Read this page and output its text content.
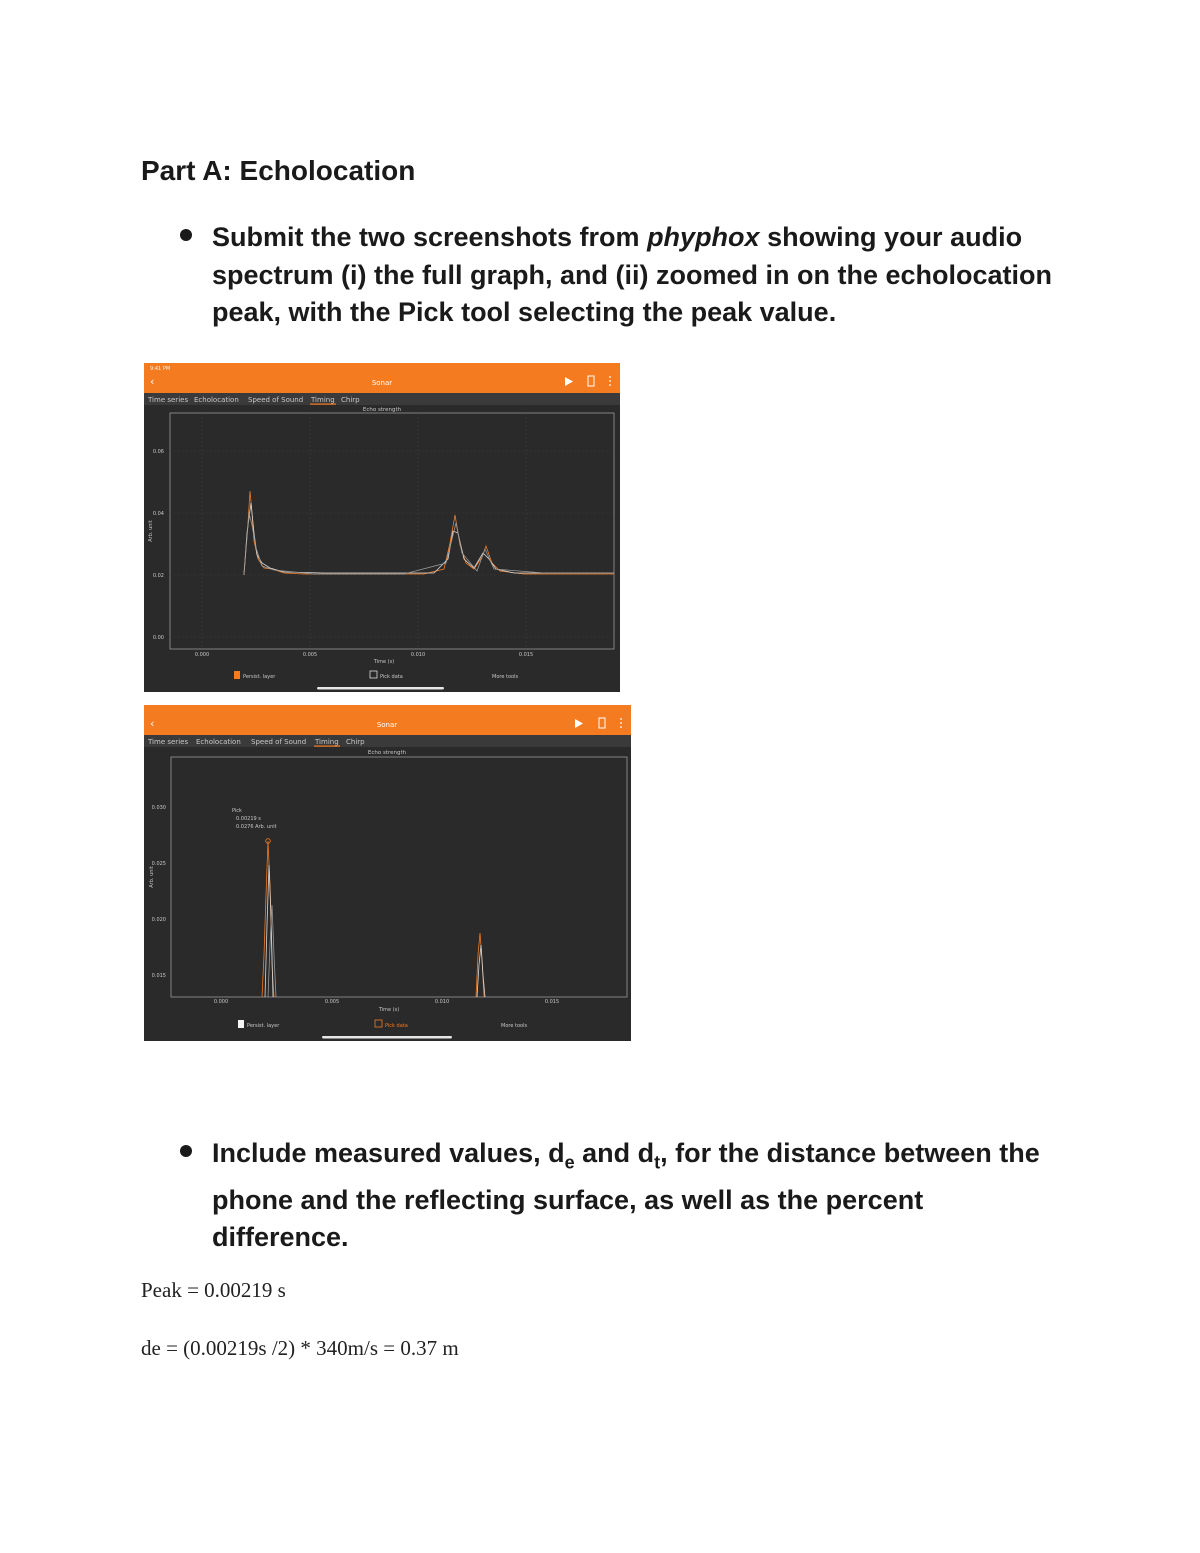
Part A: Echolocation
Submit the two screenshots from phyphox showing your audio spectrum (i) the full graph, and (ii) zoomed in on the echolocation peak, with the Pick tool selecting the peak value.
9:41 PM
‹	Sonar
Time series Echolocation Speed of Sound Timing Chirp
Echo strength
0.06
0.04
0.02
0.00
0.000	0.005	0.010	0.015
Time (s)
Arb. unit
Persist. layer	Pick data	More tools
‹	Sonar
Time series Echolocation Speed of Sound Timing Chirp
Echo strength
0.030
0.025
0.020
0.015
0.000	0.005	0.010	0.015
Time (s)
Arb. unit
Pick
0.00219 s
0.0276 Arb. unit
Persist. layer	Pick data	More tools
Include measured values, $d_e$ and $d_t$, for the distance between the phone and the reflecting surface, as well as the percent difference.
Peak = 0.00219 s
de = (0.00219s /2) * 340m/s = 0.37 m
